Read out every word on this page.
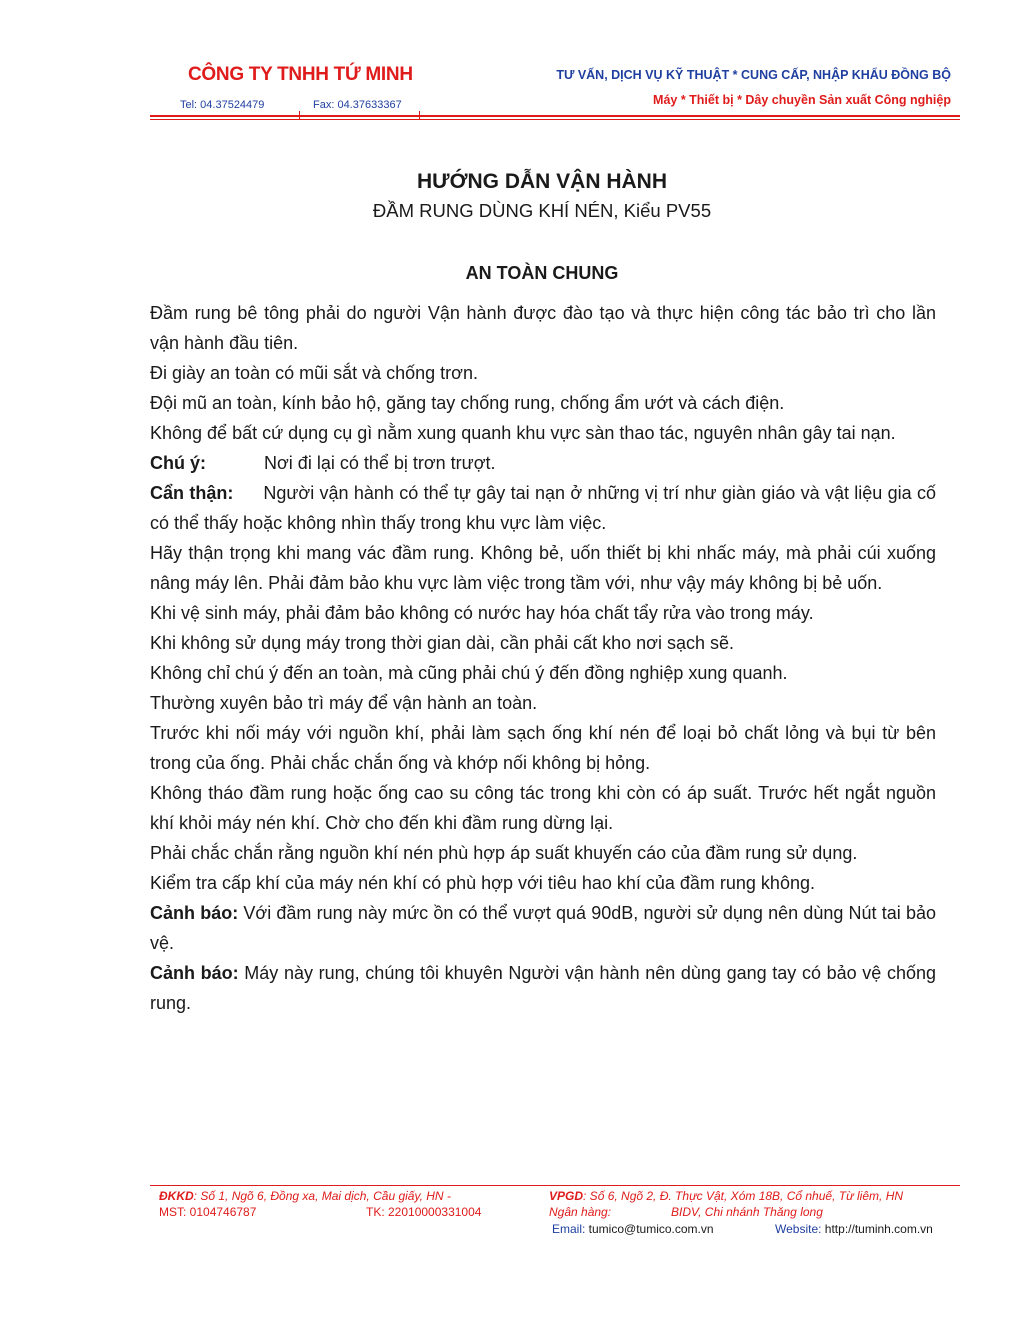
CÔNG TY TNHH TỨ MINH
Tel: 04.37524479	Fax: 04.37633367
TƯ VẤN, DỊCH VỤ KỸ THUẬT * CUNG CẤP, NHẬP KHẨU ĐỒNG BỘ
Máy * Thiết bị * Dây chuyền Sản xuất Công nghiệp
HƯỚNG DẪN VẬN HÀNH
ĐẦM RUNG DÙNG KHÍ NÉN, Kiểu PV55
AN TOÀN CHUNG

Đầm rung bê tông phải do người Vận hành được đào tạo và thực hiện công tác bảo trì cho lần vận hành đầu tiên.

Đi giày an toàn có mũi sắt và chống trơn.

Đội mũ an toàn, kính bảo hộ, găng tay chống rung, chống ẩm ướt và cách điện.

Không để bất cứ dụng cụ gì nằm xung quanh khu vực sàn thao tác, nguyên nhân gây tai nạn.

Chú ý:	Nơi đi lại có thể bị trơn trượt.

Cẩn thận: Người vận hành có thể tự gây tai nạn ở những vị trí như giàn giáo và vật liệu gia cố có thể thấy hoặc không nhìn thấy trong khu vực làm việc.

Hãy thận trọng khi mang vác đầm rung. Không bẻ, uốn thiết bị khi nhấc máy, mà phải cúi xuống nâng máy lên. Phải đảm bảo khu vực làm việc trong tầm với, như vậy máy không bị bẻ uốn.

Khi vệ sinh máy, phải đảm bảo không có nước hay hóa chất tẩy rửa vào trong máy.

Khi không sử dụng máy trong thời gian dài, cần phải cất kho nơi sạch sẽ.

Không chỉ chú ý đến an toàn, mà cũng phải chú ý đến đồng nghiệp xung quanh.

Thường xuyên bảo trì máy để vận hành an toàn.

Trước khi nối máy với nguồn khí, phải làm sạch ống khí nén để loại bỏ chất lỏng và bụi từ bên trong của ống. Phải chắc chắn ống và khớp nối không bị hỏng.

Không tháo đầm rung hoặc ống cao su công tác trong khi còn có áp suất. Trước hết ngắt nguồn khí khỏi máy nén khí. Chờ cho đến khi đầm rung dừng lại.

Phải chắc chắn rằng nguồn khí nén phù hợp áp suất khuyến cáo của đầm rung sử dụng.

Kiểm tra cấp khí của máy nén khí có phù hợp với tiêu hao khí của đầm rung không.

Cảnh báo: Với đầm rung này mức ồn có thể vượt quá 90dB, người sử dụng nên dùng Nút tai bảo vệ.

Cảnh báo: Máy này rung, chúng tôi khuyên Người vận hành nên dùng gang tay có bảo vệ chống rung.

ĐKKD: Số 1, Ngõ 6, Đồng xa, Mai dịch, Cầu giấy, HN -
MST: 0104746787	TK: 22010000331004
VPGD: Số 6, Ngõ 2, Đ. Thực Vật, Xóm 18B, Cổ nhuế, Từ liêm, HN
Ngân hàng:	BIDV, Chi nhánh Thăng long
Email: tumico@tumico.com.vn	Website: http://tuminh.com.vn
